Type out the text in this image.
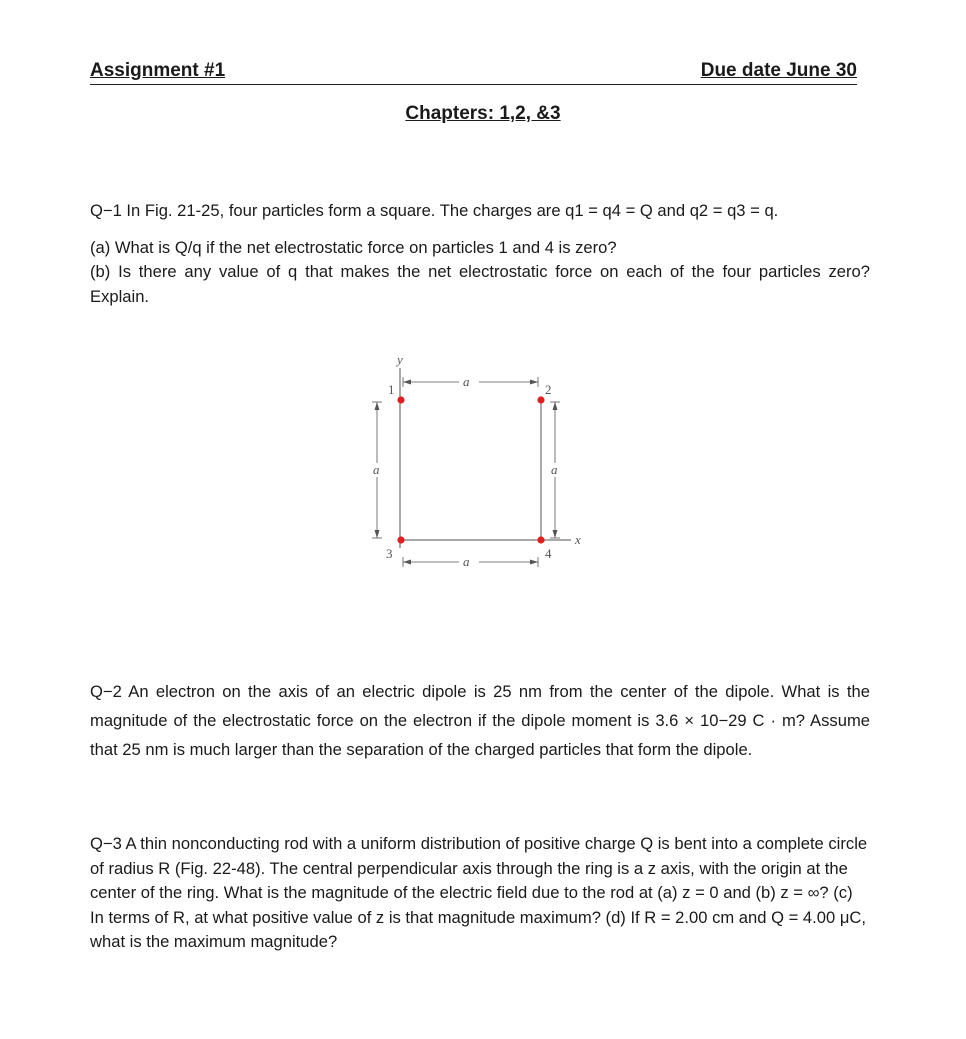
Assignment #1	Due date June 30
Chapters: 1,2, &3

Q−1 In Fig. 21-25, four particles form a square. The charges are q1 = q4 = Q and q2 = q3 = q.

(a) What is Q/q if the net electrostatic force on particles 1 and 4 is zero?

(b) Is there any value of q that makes the net electrostatic force on each of the four particles zero? Explain.

y
x
a
a
a	a
1	2
3	4

Q−2 An electron on the axis of an electric dipole is 25 nm from the center of the dipole. What is the magnitude of the electrostatic force on the electron if the dipole moment is 3.6 × 10−29 C · m? Assume that 25 nm is much larger than the separation of the charged particles that form the dipole.

Q−3 A thin nonconducting rod with a uniform distribution of positive charge Q is bent into a complete circle of radius R (Fig. 22-48). The central perpendicular axis through the ring is a z axis, with the origin at the center of the ring. What is the magnitude of the electric field due to the rod at (a) z = 0 and (b) z = ∞? (c) In terms of R, at what positive value of z is that magnitude maximum? (d) If R = 2.00 cm and Q = 4.00 μC, what is the maximum magnitude?
